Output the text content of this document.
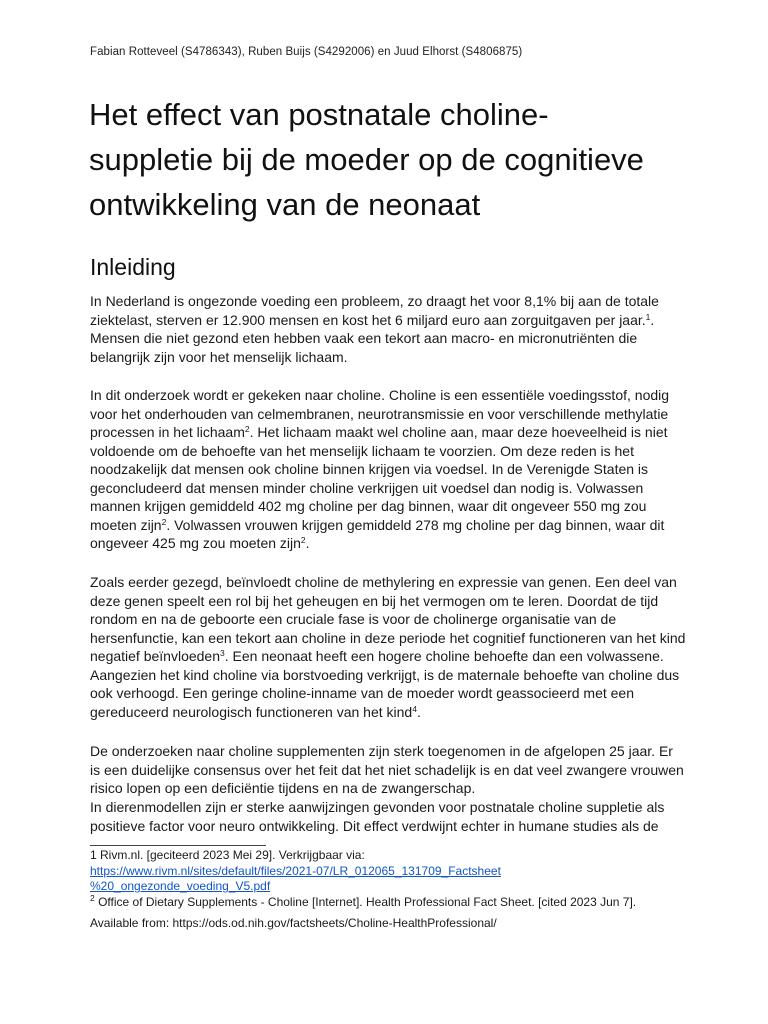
Fabian Rotteveel (S4786343), Ruben Buijs (S4292006) en Juud Elhorst (S4806875)
Het effect van postnatale choline-
suppletie bij de moeder op de cognitieve
ontwikkeling van de neonaat
Inleiding
In Nederland is ongezonde voeding een probleem, zo draagt het voor 8,1% bij aan de totale
ziektelast, sterven er 12.900 mensen en kost het 6 miljard euro aan zorguitgaven per jaar.$^1$.
Mensen die niet gezond eten hebben vaak een tekort aan macro- en micronutriënten die
belangrijk zijn voor het menselijk lichaam.
In dit onderzoek wordt er gekeken naar choline. Choline is een essentiële voedingsstof, nodig
voor het onderhouden van celmembranen, neurotransmissie en voor verschillende methylatie
processen in het lichaam$^2$. Het lichaam maakt wel choline aan, maar deze hoeveelheid is niet
voldoende om de behoefte van het menselijk lichaam te voorzien. Om deze reden is het
noodzakelijk dat mensen ook choline binnen krijgen via voedsel. In de Verenigde Staten is
geconcludeerd dat mensen minder choline verkrijgen uit voedsel dan nodig is. Volwassen
mannen krijgen gemiddeld 402 mg choline per dag binnen, waar dit ongeveer 550 mg zou
moeten zijn$^2$. Volwassen vrouwen krijgen gemiddeld 278 mg choline per dag binnen, waar dit
ongeveer 425 mg zou moeten zijn$^2$.
Zoals eerder gezegd, beïnvloedt choline de methylering en expressie van genen. Een deel van
deze genen speelt een rol bij het geheugen en bij het vermogen om te leren. Doordat de tijd
rondom en na de geboorte een cruciale fase is voor de cholinerge organisatie van de
hersenfunctie, kan een tekort aan choline in deze periode het cognitief functioneren van het kind
negatief beïnvloeden$^3$. Een neonaat heeft een hogere choline behoefte dan een volwassene.
Aangezien het kind choline via borstvoeding verkrijgt, is de maternale behoefte van choline dus
ook verhoogd. Een geringe choline-inname van de moeder wordt geassocieerd met een
gereduceerd neurologisch functioneren van het kind$^4$.
De onderzoeken naar choline supplementen zijn sterk toegenomen in de afgelopen 25 jaar. Er
is een duidelijke consensus over het feit dat het niet schadelijk is en dat veel zwangere vrouwen
risico lopen op een deficiëntie tijdens en na de zwangerschap.
In dierenmodellen zijn er sterke aanwijzingen gevonden voor postnatale choline suppletie als
positieve factor voor neuro ontwikkeling. Dit effect verdwijnt echter in humane studies als de
1 Rivm.nl. [geciteerd 2023 Mei 29]. Verkrijgbaar via:
https://www.rivm.nl/sites/default/files/2021-07/LR_012065_131709_Factsheet
%20_ongezonde_voeding_V5.pdf
$^2$ Office of Dietary Supplements - Choline [Internet]. Health Professional Fact Sheet. [cited 2023 Jun 7].
Available from: https://ods.od.nih.gov/factsheets/Choline-HealthProfessional/
